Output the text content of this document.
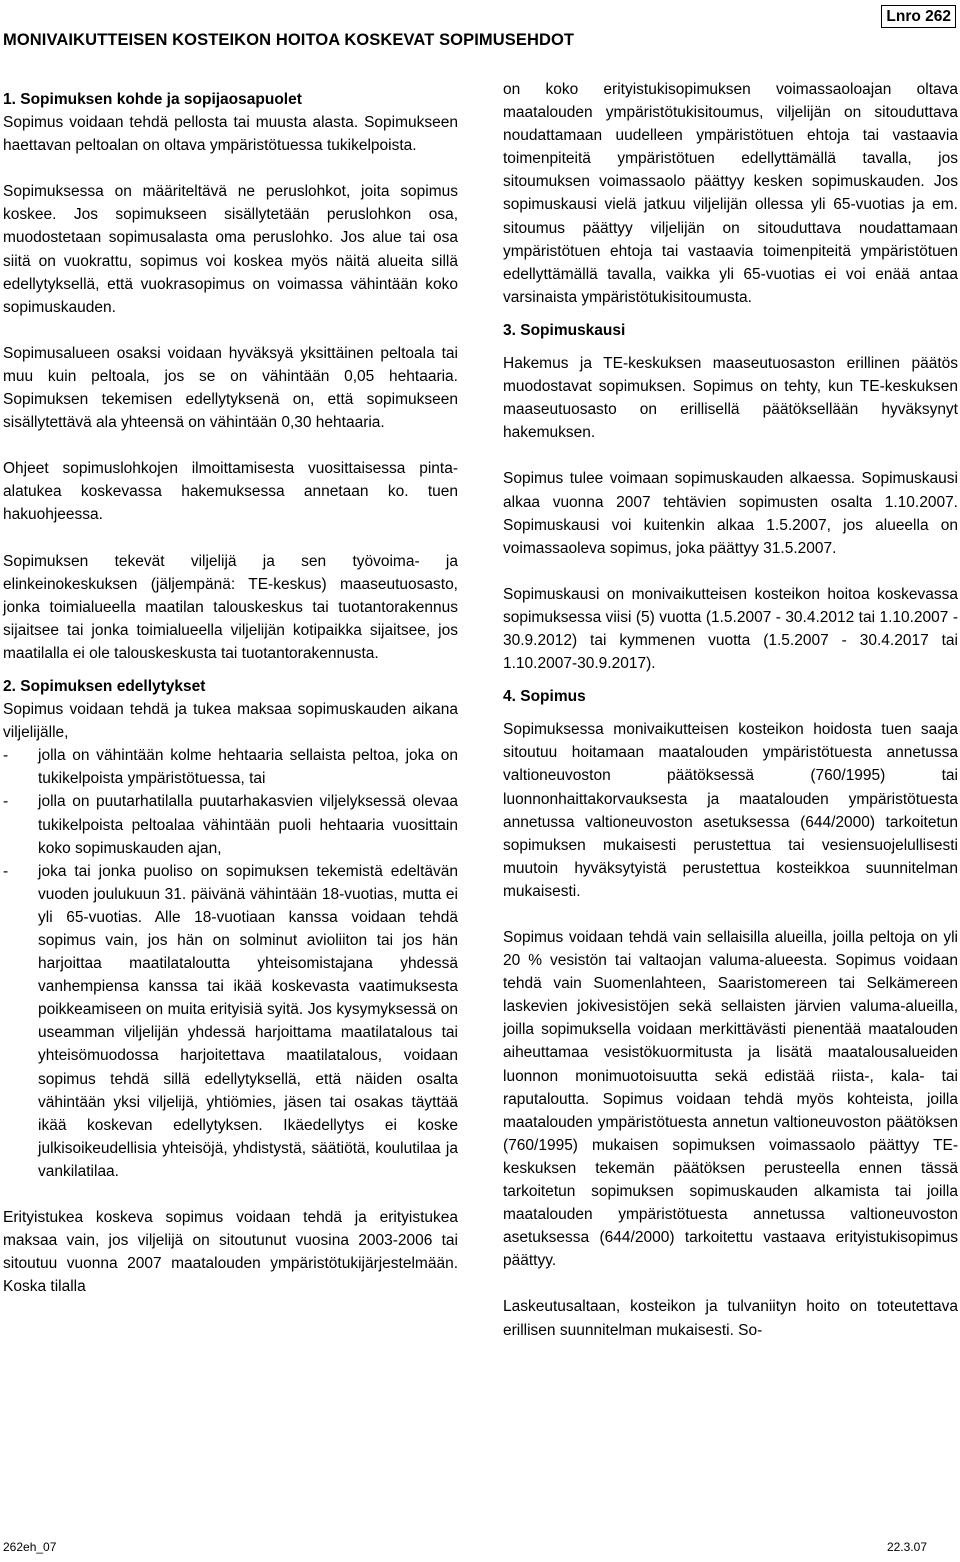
MONIVAIKUTTEISEN KOSTEIKON HOITOA KOSKEVAT SOPIMUSEHDOT
Lnro 262
1. Sopimuksen kohde ja sopijaosapuolet

Sopimus voidaan tehdä pellosta tai muusta alasta. Sopimukseen haettavan peltoalan on oltava ympäristötuessa tukikelpoista.

Sopimuksessa on määriteltävä ne peruslohkot, joita sopimus koskee. Jos sopimukseen sisällytetään peruslohkon osa, muodostetaan sopimusalasta oma peruslohko. Jos alue tai osa siitä on vuokrattu, sopimus voi koskea myös näitä alueita sillä edellytyksellä, että vuokrasopimus on voimassa vähintään koko sopimuskauden.

Sopimusalueen osaksi voidaan hyväksyä yksittäinen peltoala tai muu kuin peltoala, jos se on vähintään 0,05 hehtaaria. Sopimuksen tekemisen edellytyksenä on, että sopimukseen sisällytettävä ala yhteensä on vähintään 0,30 hehtaaria.

Ohjeet sopimuslohkojen ilmoittamisesta vuosittaisessa pinta-alatukea koskevassa hakemuksessa annetaan ko. tuen hakuohjeessa.

Sopimuksen tekevät viljelijä ja sen työvoima- ja elinkeinokeskuksen (jäljempänä: TE-keskus) maaseutuosasto, jonka toimialueella maatilan talouskeskus tai tuotantorakennus sijaitsee tai jonka toimialueella viljelijän kotipaikka sijaitsee, jos maatilalla ei ole talouskeskusta tai tuotantorakennusta.

2. Sopimuksen edellytykset

Sopimus voidaan tehdä ja tukea maksaa sopimuskauden aikana viljelijälle,

- jolla on vähintään kolme hehtaaria sellaista peltoa, joka on tukikelpoista ympäristötuessa, tai
- jolla on puutarhatilalla puutarhakasvien viljelyksessä olevaa tukikelpoista peltoalaa vähintään puoli hehtaaria vuosittain koko sopimuskauden ajan,
- joka tai jonka puoliso on sopimuksen tekemistä edeltävän vuoden joulukuun 31. päivänä vähintään 18-vuotias, mutta ei yli 65-vuotias. Alle 18-vuotiaan kanssa voidaan tehdä sopimus vain, jos hän on solminut avioliiton tai jos hän harjoittaa maatilataloutta yhteisomistajana yhdessä vanhempiensa kanssa tai ikää koskevasta vaatimuksesta poikkeamiseen on muita erityisiä syitä. Jos kysymyksessä on useamman viljelijän yhdessä harjoittama maatilatalous tai yhteisömuodossa harjoitettava maatilatalous, voidaan sopimus tehdä sillä edellytyksellä, että näiden osalta vähintään yksi viljelijä, yhtiömies, jäsen tai osakas täyttää ikää koskevan edellytyksen. Ikäedellytys ei koske julkisoikeudellisia yhteisöjä, yhdistystä, säätiötä, koulutilaa ja vankilatilaa.

Erityistukea koskeva sopimus voidaan tehdä ja erityistukea maksaa vain, jos viljelijä on sitoutunut vuosina 2003-2006 tai sitoutuu vuonna 2007 maatalouden ympäristötukijärjestelmään. Koska tilalla

on koko erityistukisopimuksen voimassaoloajan oltava maatalouden ympäristötukisitoumus, viljelijän on sitouduttava noudattamaan uudelleen ympäristötuen ehtoja tai vastaavia toimenpiteitä ympäristötuen edellyttämällä tavalla, jos sitoumuksen voimassaolo päättyy kesken sopimuskauden. Jos sopimuskausi vielä jatkuu viljelijän ollessa yli 65-vuotias ja em. sitoumus päättyy viljelijän on sitouduttava noudattamaan ympäristötuen ehtoja tai vastaavia toimenpiteitä ympäristötuen edellyttämällä tavalla, vaikka yli 65-vuotias ei voi enää antaa varsinaista ympäristötukisitoumusta.

3. Sopimuskausi

Hakemus ja TE-keskuksen maaseutuosaston erillinen päätös muodostavat sopimuksen. Sopimus on tehty, kun TE-keskuksen maaseutuosasto on erillisellä päätöksellään hyväksynyt hakemuksen.

Sopimus tulee voimaan sopimuskauden alkaessa. Sopimuskausi alkaa vuonna 2007 tehtävien sopimusten osalta 1.10.2007. Sopimuskausi voi kuitenkin alkaa 1.5.2007, jos alueella on voimassaoleva sopimus, joka päättyy 31.5.2007.

Sopimuskausi on monivaikutteisen kosteikon hoitoa koskevassa sopimuksessa viisi (5) vuotta (1.5.2007 - 30.4.2012 tai 1.10.2007 - 30.9.2012) tai kymmenen vuotta (1.5.2007 - 30.4.2017 tai 1.10.2007-30.9.2017).

4. Sopimus

Sopimuksessa monivaikutteisen kosteikon hoidosta tuen saaja sitoutuu hoitamaan maatalouden ympäristötuesta annetussa valtioneuvoston päätöksessä (760/1995) tai luonnonhaittakorvauksesta ja maatalouden ympäristötuesta annetussa valtioneuvoston asetuksessa (644/2000) tarkoitetun sopimuksen mukaisesti perustettua tai vesiensuojelullisesti muutoin hyväksytyistä perustettua kosteikkoa suunnitelman mukaisesti.

Sopimus voidaan tehdä vain sellaisilla alueilla, joilla peltoja on yli 20 % vesistön tai valtaojan valuma-alueesta. Sopimus voidaan tehdä vain Suomenlahteen, Saaristomereen tai Selkämereen laskevien jokivesistöjen sekä sellaisten järvien valuma-alueilla, joilla sopimuksella voidaan merkittävästi pienentää maatalouden aiheuttamaa vesistökuormitusta ja lisätä maatalousalueiden luonnon monimuotoisuutta sekä edistää riista-, kala- tai raputaloutta. Sopimus voidaan tehdä myös kohteista, joilla maatalouden ympäristötuesta annetun valtioneuvoston päätöksen (760/1995) mukaisen sopimuksen voimassaolo päättyy TE-keskuksen tekemän päätöksen perusteella ennen tässä tarkoitetun sopimuksen sopimuskauden alkamista tai joilla maatalouden ympäristötuesta annetussa valtioneuvoston asetuksessa (644/2000) tarkoitettu vastaava erityistukisopimus päättyy.

Laskeutusaltaan, kosteikon ja tulvaniityn hoito on toteutettava erillisen suunnitelman mukaisesti. So-

262eh_07	22.3.07
